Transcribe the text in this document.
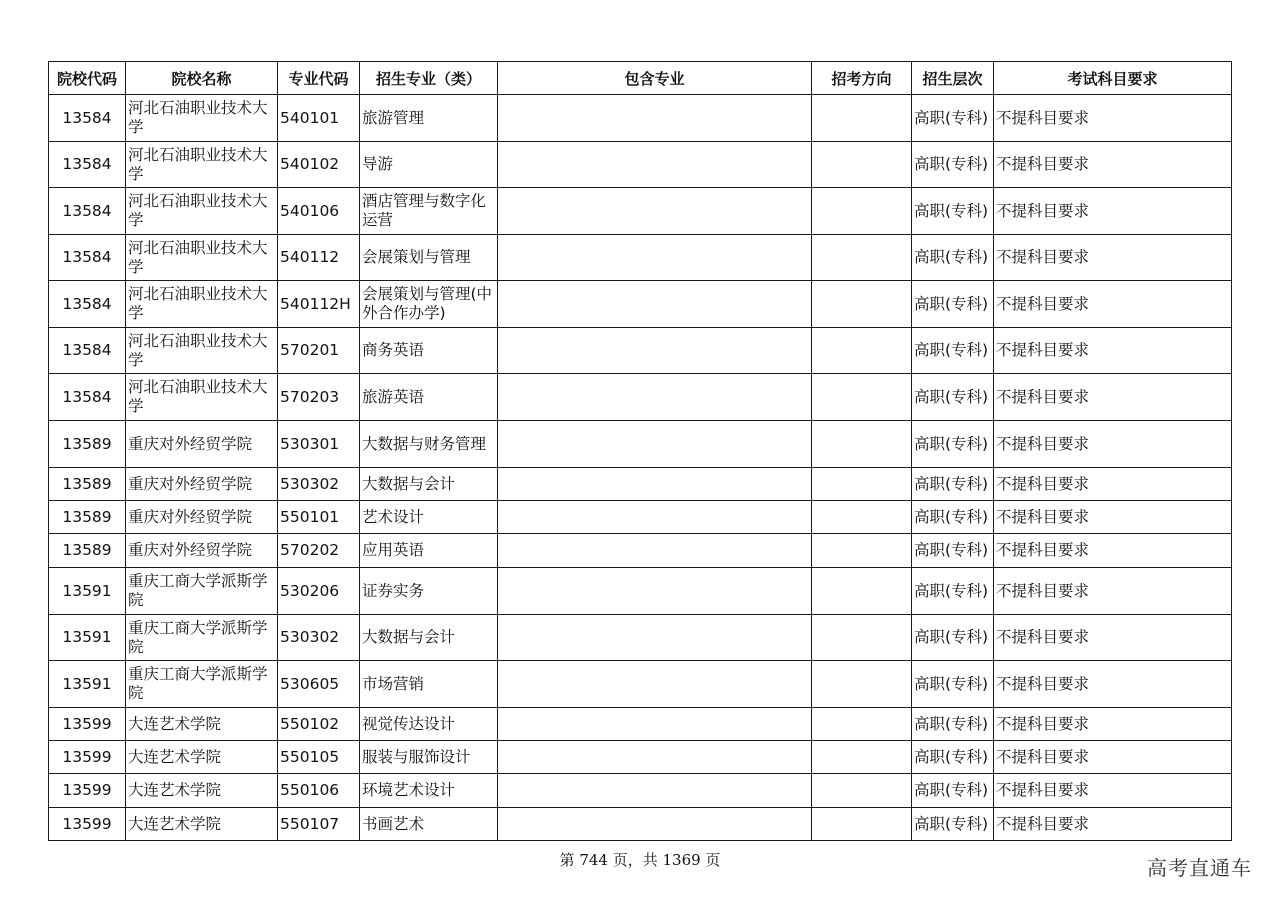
院校代码	院校名称	专业代码	招生专业（类）	包含专业	招考方向	招生层次	考试科目要求
13584	河北石油职业技术大学	540101	旅游管理			高职(专科)	不提科目要求
13584	河北石油职业技术大学	540102	导游			高职(专科)	不提科目要求
13584	河北石油职业技术大学	540106	酒店管理与数字化运营			高职(专科)	不提科目要求
13584	河北石油职业技术大学	540112	会展策划与管理			高职(专科)	不提科目要求
13584	河北石油职业技术大学	540112H	会展策划与管理(中外合作办学)			高职(专科)	不提科目要求
13584	河北石油职业技术大学	570201	商务英语			高职(专科)	不提科目要求
13584	河北石油职业技术大学	570203	旅游英语			高职(专科)	不提科目要求
13589	重庆对外经贸学院	530301	大数据与财务管理			高职(专科)	不提科目要求
13589	重庆对外经贸学院	530302	大数据与会计			高职(专科)	不提科目要求
13589	重庆对外经贸学院	550101	艺术设计			高职(专科)	不提科目要求
13589	重庆对外经贸学院	570202	应用英语			高职(专科)	不提科目要求
13591	重庆工商大学派斯学院	530206	证券实务			高职(专科)	不提科目要求
13591	重庆工商大学派斯学院	530302	大数据与会计			高职(专科)	不提科目要求
13591	重庆工商大学派斯学院	530605	市场营销			高职(专科)	不提科目要求
13599	大连艺术学院	550102	视觉传达设计			高职(专科)	不提科目要求
13599	大连艺术学院	550105	服装与服饰设计			高职(专科)	不提科目要求
13599	大连艺术学院	550106	环境艺术设计			高职(专科)	不提科目要求
13599	大连艺术学院	550107	书画艺术			高职(专科)	不提科目要求
第 744 页，共 1369 页	高考直通车
